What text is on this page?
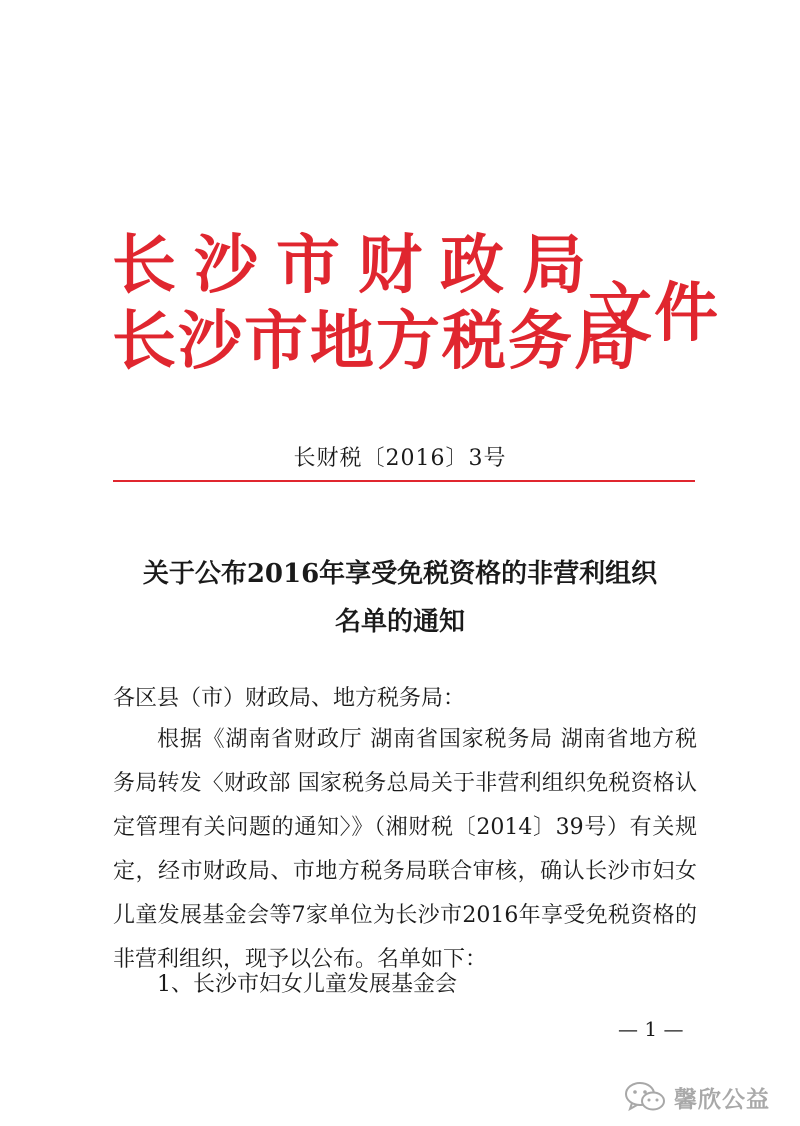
长沙市财政局
长沙市地方税务局
文件
长财税〔2016〕3号
关于公布2016年享受免税资格的非营利组织
名单的通知
各区县（市）财政局、地方税务局：
根据《湖南省财政厅 湖南省国家税务局 湖南省地方税务局转发〈财政部 国家税务总局关于非营利组织免税资格认定管理有关问题的通知〉》（湘财税〔2014〕39号）有关规定，经市财政局、市地方税务局联合审核，确认长沙市妇女儿童发展基金会等7家单位为长沙市2016年享受免税资格的非营利组织，现予以公布。名单如下：
1、长沙市妇女儿童发展基金会
— 1 —
馨欣公益
